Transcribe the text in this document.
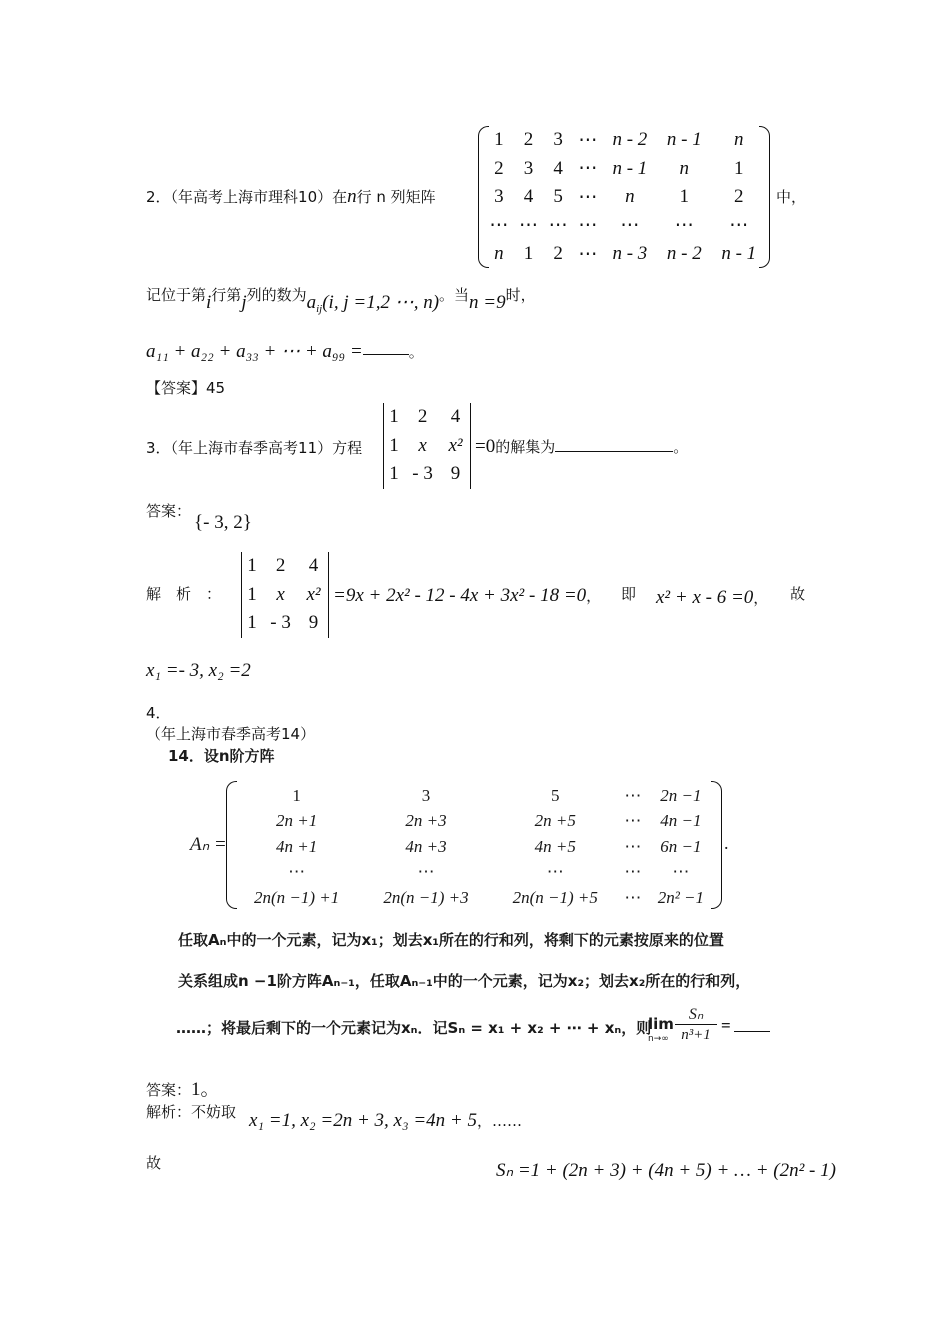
2．（年高考上海市理科10）在n行 n 列矩阵
1	2	3	⋯	n - 2	n - 1	n
2	3	4	⋯	n - 1	n	1
3	4	5	⋯	n	1	2
⋯	⋯	⋯	⋯	⋯	⋯	⋯
n	1	2	⋯	n - 3	n - 2	n - 1
中，
记位于第i行第j列的数为$a_{ij}(i$, j =1,2 ⋯, n)。当n =9时，
a₁₁ + a₂₂ + a₃₃ + ⋯ + a₉₉ =	。
【答案】45
3．（年上海市春季高考11）方程
1	2	4
1	x	x²
1	- 3	9
=0的解集为	。
答案：
{- 3, 2}
解　析　：
1	2	4
1	x	x²
1	- 3	9
=9x + 2x² - 12 - 4x + 3x² - 18 =0， 即 x² + x - 6 =0， 故
x₁ =- 3, x₂ =2
4．
（年上海市春季高考14）
14．设n阶方阵
Aₙ =
1	3	5	⋯	2n −1
2n +1	2n +3	2n +5	⋯	4n −1
4n +1	4n +3	4n +5	⋯	6n −1
⋯	⋯	⋯	⋯	⋯
2n(n −1) +1	2n(n −1) +3	2n(n −1) +5	⋯	2n² −1
.
任取Aₙ中的一个元素，记为x₁；划去x₁所在的行和列，将剩下的元素按原来的位置
关系组成n −1阶方阵Aₙ₋₁，任取Aₙ₋₁中的一个元素，记为x₂；划去x₂所在的行和列，
……；将最后剩下的一个元素记为xₙ．记Sₙ = x₁ + x₂ + ⋯ + xₙ，则
lim
n→∞
Sₙ
n³+1 =
答案：1。
解析：不妨取 x₁ =1, x₂ =2n + 3, x₃ =4n + 5，……
故	Sₙ =1 + (2n + 3) + (4n + 5) + … + (2n² - 1)
